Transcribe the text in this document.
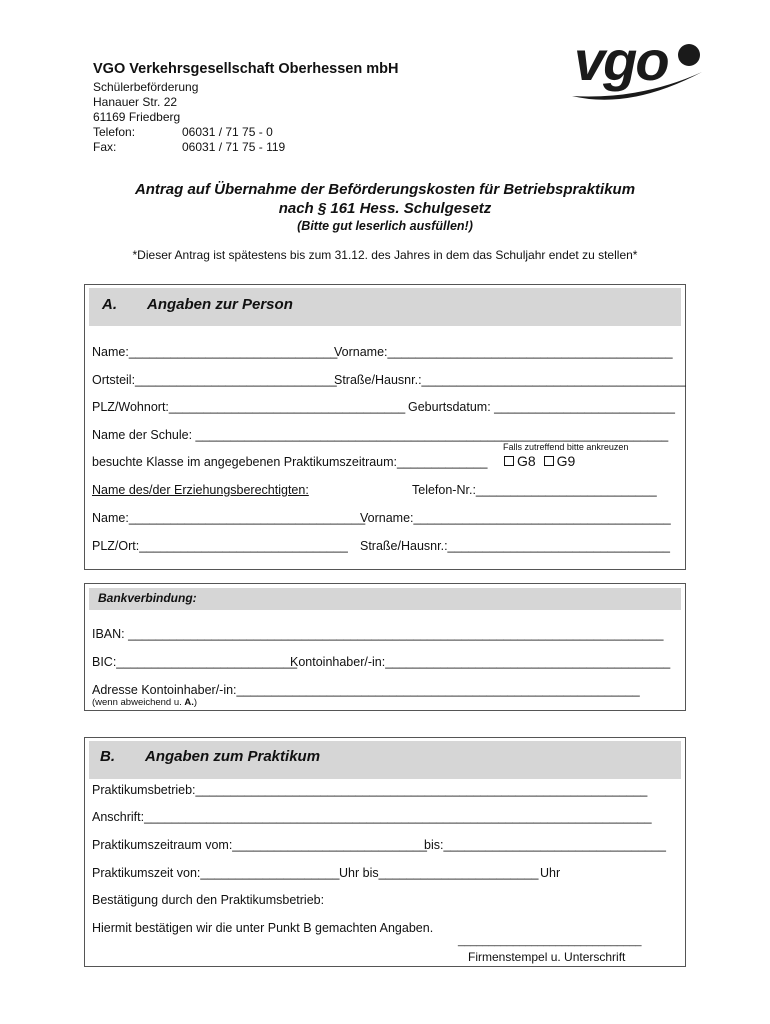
VGO Verkehrsgesellschaft Oberhessen mbH
Schülerbeförderung
Hanauer Str. 22
61169 Friedberg
Telefon:	06031 / 71 75 - 0
Fax:	06031 / 71 75 - 119
vgo
Antrag auf Übernahme der Beförderungskosten für Betriebspraktikum
nach § 161 Hess. Schulgesetz
(Bitte gut leserlich ausfüllen!)
*Dieser Antrag ist spätestens bis zum 31.12. des Jahres in dem das Schuljahr endet zu stellen*
A. Angaben zur Person
Name:______________________________
Vorname:_________________________________________
Ortsteil:_____________________________
Straße/Hausnr.:______________________________________
PLZ/Wohnort:__________________________________ Geburtsdatum: __________________________
Name der Schule: ____________________________________________________________________
Falls zutreffend bitte ankreuzen
besuchte Klasse im angegebenen Praktikumszeitraum:_____________	G8 G9
Name des/der Erziehungsberechtigten:	Telefon-Nr.:__________________________
Name:__________________________________
Vorname:_____________________________________
PLZ/Ort:______________________________ Straße/Hausnr.:________________________________
Bankverbindung:
IBAN: _____________________________________________________________________________
BIC:__________________________
Kontoinhaber/-in:_________________________________________
Adresse Kontoinhaber/-in:__________________________________________________________
(wenn abweichend u. A.)
B. Angaben zum Praktikum
Praktikumsbetrieb:_________________________________________________________________
Anschrift:_________________________________________________________________________
Praktikumszeitraum vom:____________________________
bis:________________________________
Praktikumszeit von:____________________ Uhr bis_______________________ Uhr
Bestätigung durch den Praktikumsbetrieb:
Hiermit bestätigen wir die unter Punkt B gemachten Angaben.
______________________________
Firmenstempel u. Unterschrift
